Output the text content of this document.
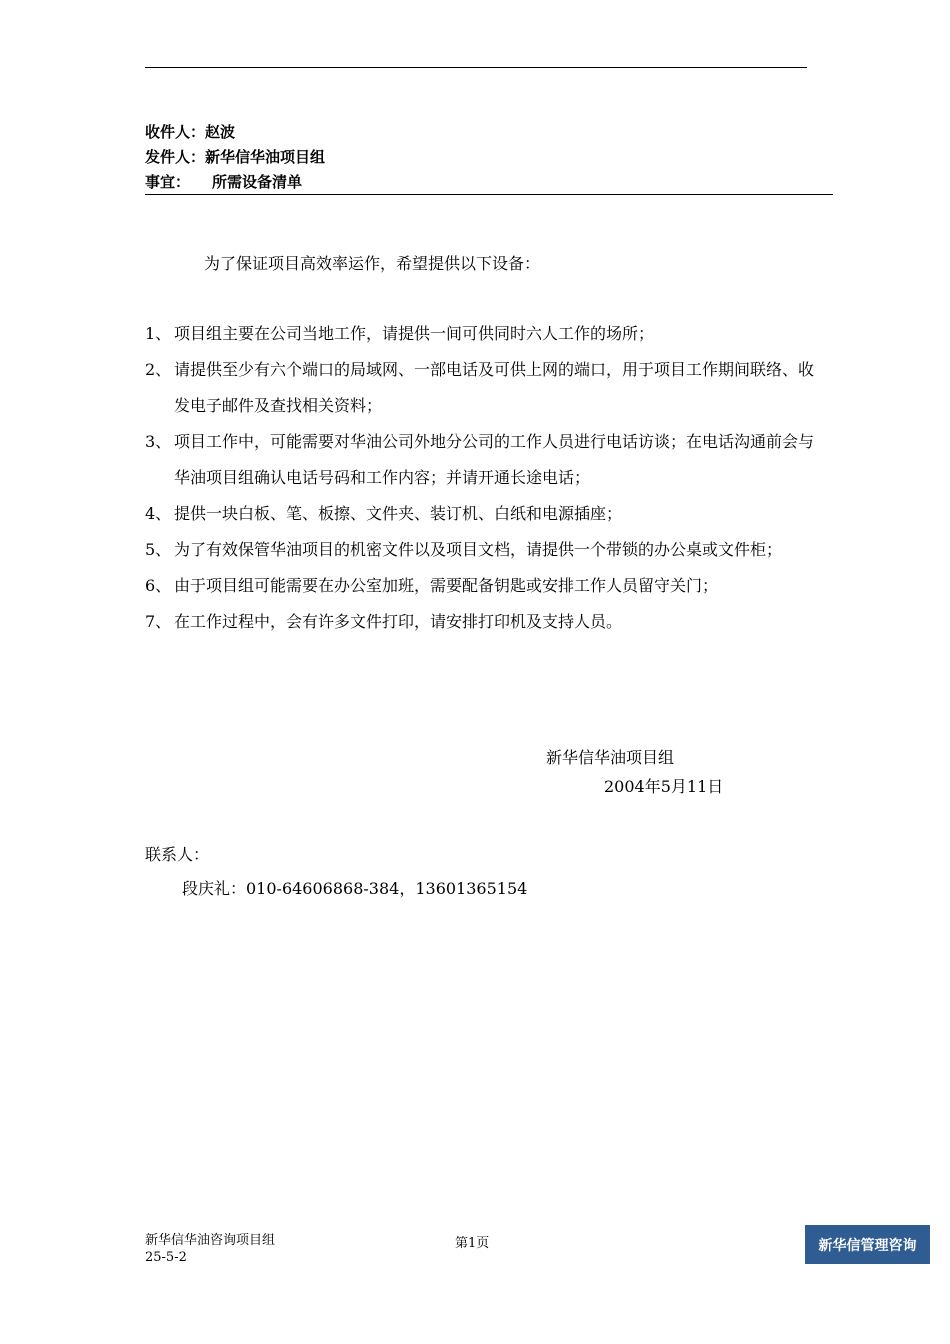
收件人：赵波
发件人：新华信华油项目组
事宜： 所需设备清单
为了保证项目高效率运作，希望提供以下设备：
1、 项目组主要在公司当地工作，请提供一间可供同时六人工作的场所；
2、 请提供至少有六个端口的局域网、一部电话及可供上网的端口，用于项目工作期间联络、收发电子邮件及查找相关资料；
3、 项目工作中，可能需要对华油公司外地分公司的工作人员进行电话访谈；在电话沟通前会与华油项目组确认电话号码和工作内容；并请开通长途电话；
4、 提供一块白板、笔、板擦、文件夹、装订机、白纸和电源插座；
5、 为了有效保管华油项目的机密文件以及项目文档，请提供一个带锁的办公桌或文件柜；
6、 由于项目组可能需要在办公室加班，需要配备钥匙或安排工作人员留守关门；
7、 在工作过程中，会有许多文件打印，请安排打印机及支持人员。
新华信华油项目组
2004年5月11日
联系人：
段庆礼：010-64606868-384，13601365154
新华信华油咨询项目组
25-5-2
第1页	新华信管理咨询
